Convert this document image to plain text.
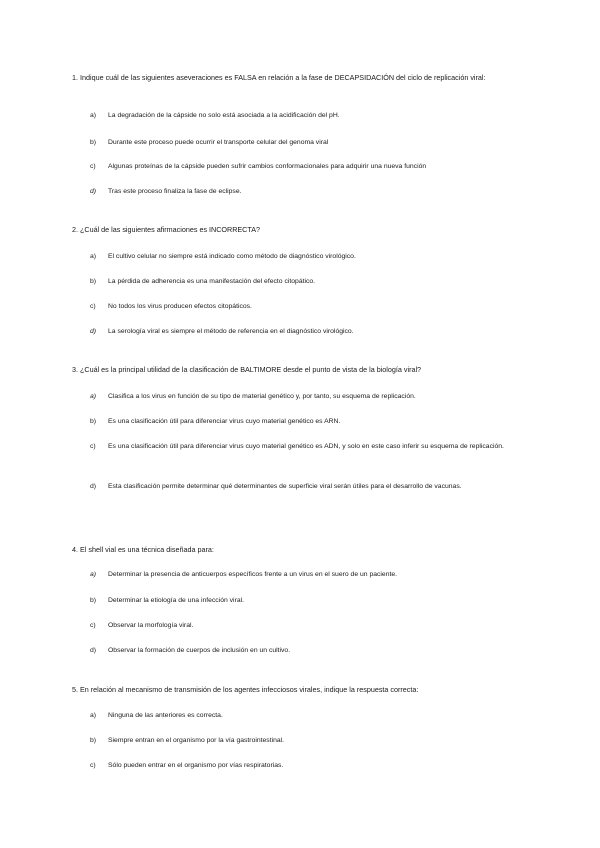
1. Indique cuál de las siguientes aseveraciones es FALSA en relación a la fase de DECAPSIDACIÓN del ciclo de replicación viral:
a)	La degradación de la cápside no solo está asociada a la acidificación del pH.
b)	Durante este proceso puede ocurrir el transporte celular del genoma viral
c)	Algunas proteínas de la cápside pueden sufrir cambios conformacionales para adquirir una nueva función
d)	Tras este proceso finaliza la fase de eclipse.
2. ¿Cuál de las siguientes afirmaciones es INCORRECTA?
a)	El cultivo celular no siempre está indicado como método de diagnóstico virológico.
b)	La pérdida de adherencia es una manifestación del efecto citopático.
c)	No todos los virus producen efectos citopáticos.
d)	La serología viral es siempre el método de referencia en el diagnóstico virológico.
3. ¿Cuál es la principal utilidad de la clasificación de BALTIMORE desde el punto de vista de la biología viral?
a)	Clasifica a los virus en función de su tipo de material genético y, por tanto, su esquema de replicación.
b)	Es una clasificación útil para diferenciar virus cuyo material genético es ARN.
c)	Es una clasificación útil para diferenciar virus cuyo material genético es ADN, y solo en este caso inferir su esquema de replicación.
d)	Esta clasificación permite determinar qué determinantes de superficie viral serán útiles para el desarrollo de vacunas.
4. El shell vial es una técnica diseñada para:
a)	Determinar la presencia de anticuerpos específicos frente a un virus en el suero de un paciente.
b)	Determinar la etiología de una infección viral.
c)	Observar la morfología viral.
d)	Observar la formación de cuerpos de inclusión en un cultivo.
5. En relación al mecanismo de transmisión de los agentes infecciosos virales, indique la respuesta correcta:
a)	Ninguna de las anteriores es correcta.
b)	Siempre entran en el organismo por la vía gastrointestinal.
c)	Sólo pueden entrar en el organismo por vías respiratorias.
